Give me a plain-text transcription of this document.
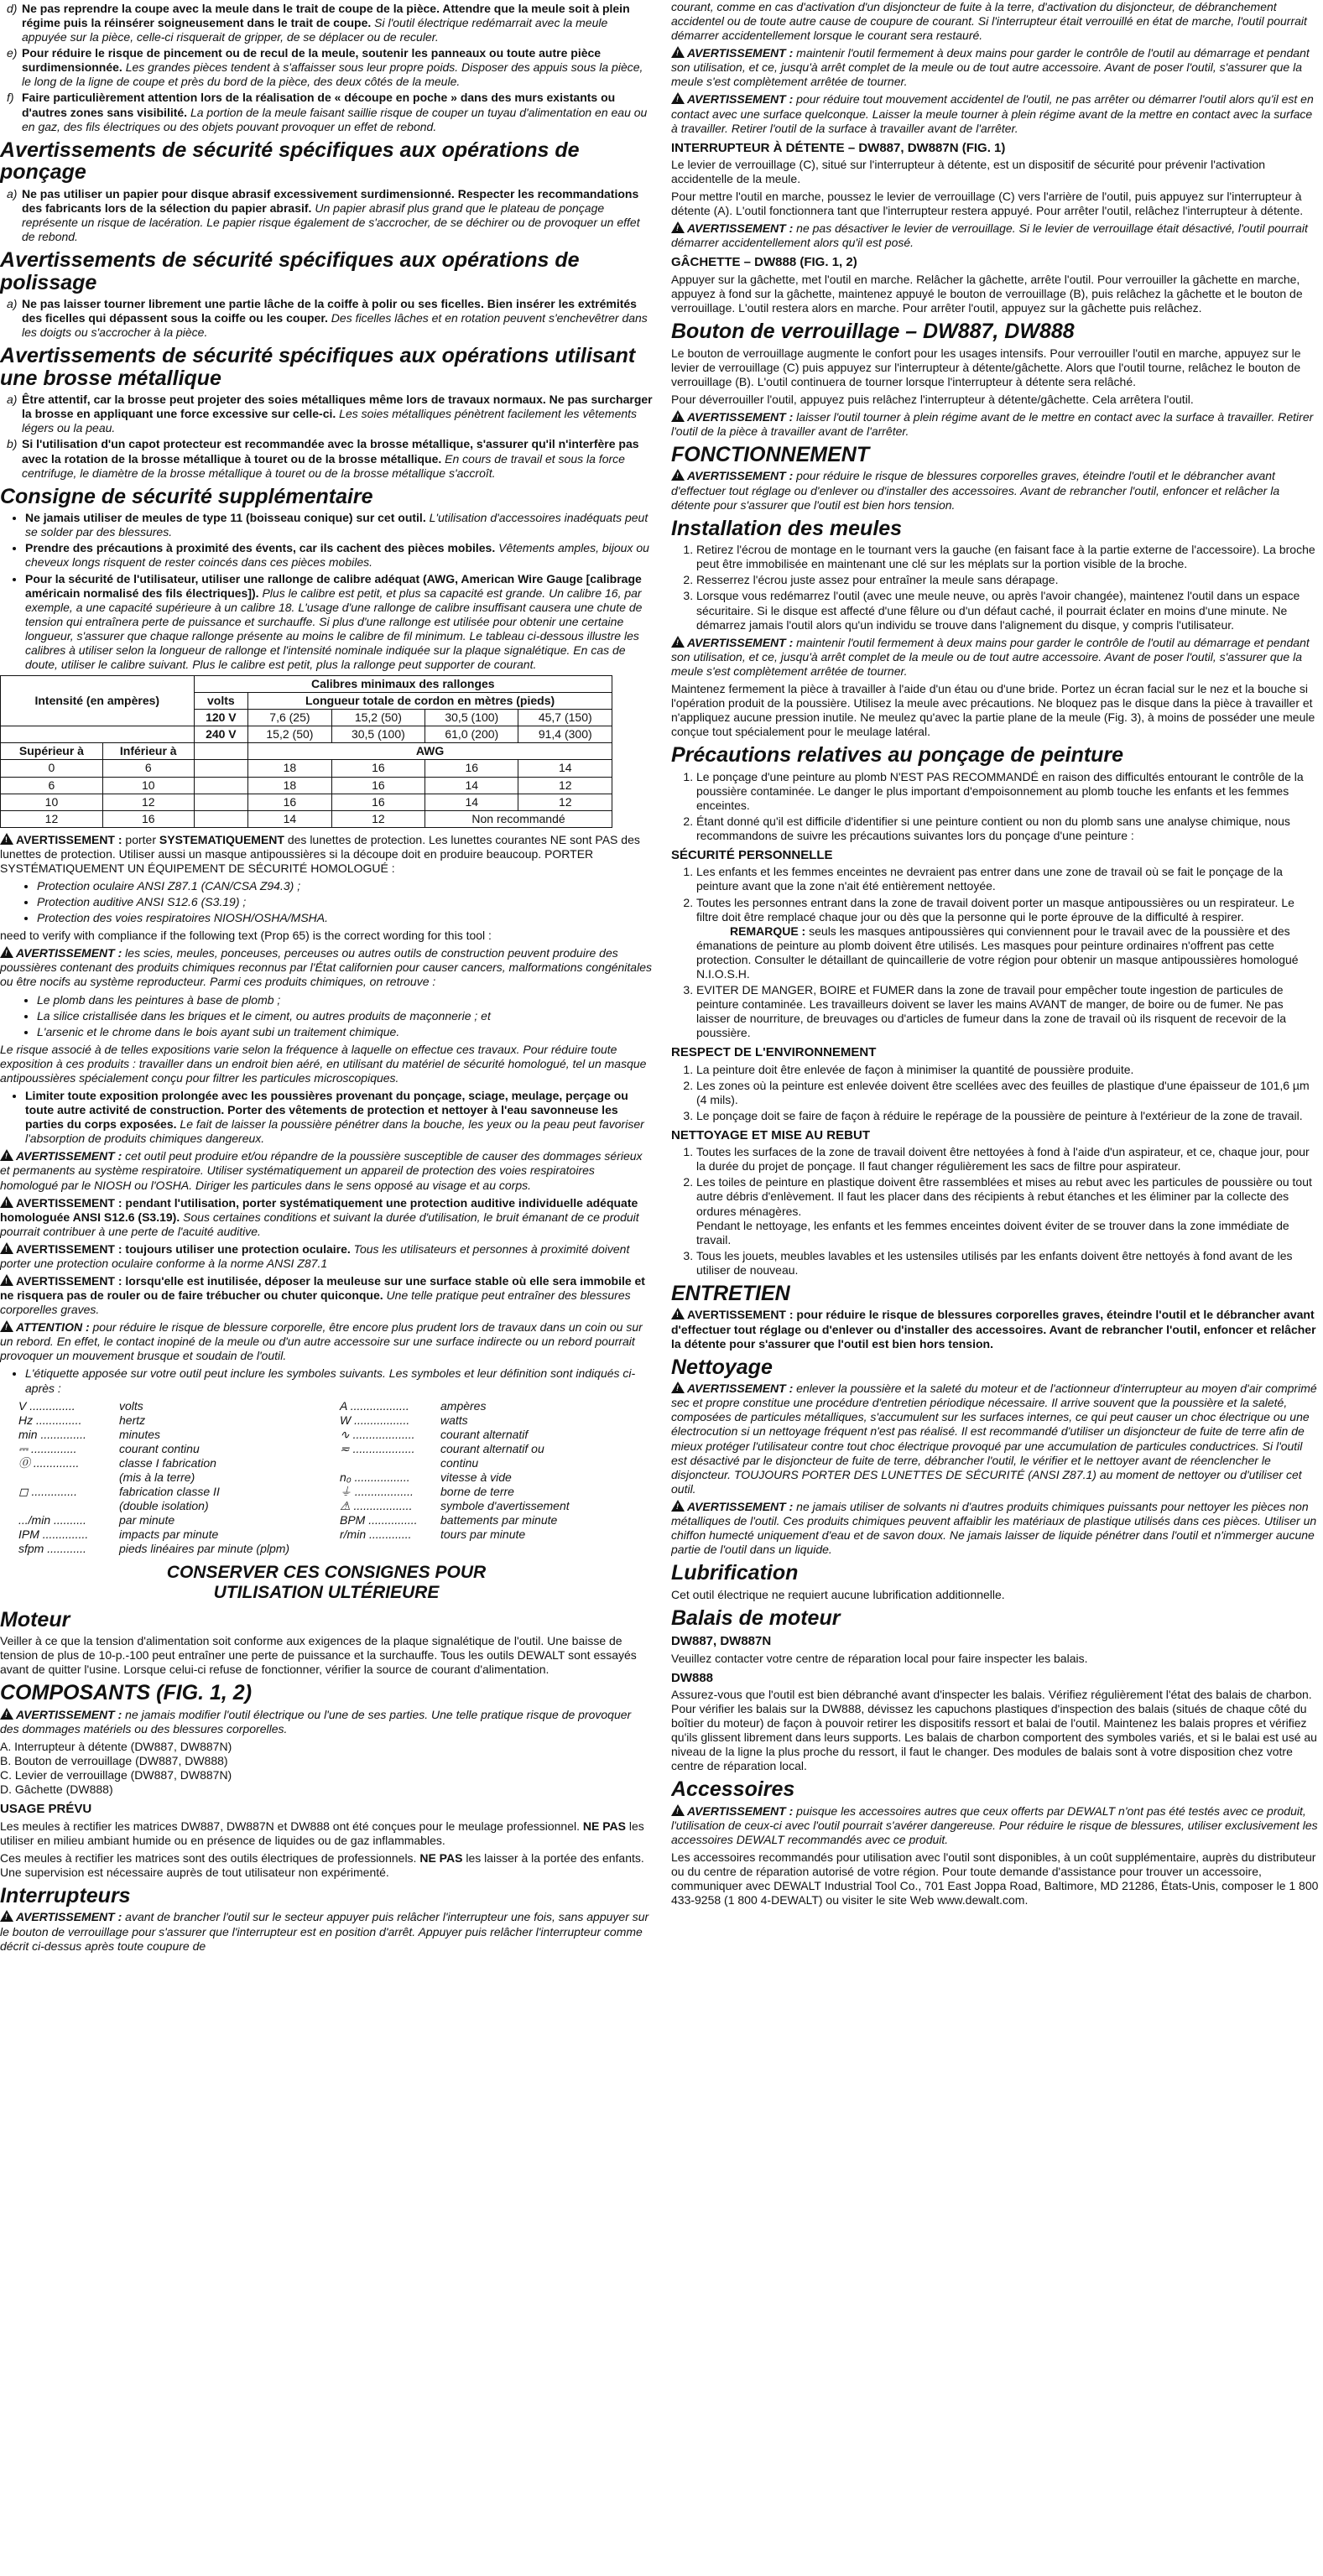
d) Ne pas reprendre la coupe avec la meule dans le trait de coupe de la pièce. Attendre que la meule soit à plein régime puis la réinsérer soigneusement dans le trait de coupe. Si l'outil électrique redémarrait avec la meule appuyée sur la pièce, celle-ci risquerait de gripper, de se déplacer ou de reculer.
e) Pour réduire le risque de pincement ou de recul de la meule, soutenir les panneaux ou toute autre pièce surdimensionnée. Les grandes pièces tendent à s'affaisser sous leur propre poids. Disposer des appuis sous la pièce, le long de la ligne de coupe et près du bord de la pièce, des deux côtés de la meule.
f) Faire particulièrement attention lors de la réalisation de « découpe en poche » dans des murs existants ou d'autres zones sans visibilité. La portion de la meule faisant saillie risque de couper un tuyau d'alimentation en eau ou en gaz, des fils électriques ou des objets pouvant provoquer un effet de rebond.
Avertissements de sécurité spécifiques aux opérations de ponçage
a) Ne pas utiliser un papier pour disque abrasif excessivement surdimensionné. Respecter les recommandations des fabricants lors de la sélection du papier abrasif. Un papier abrasif plus grand que le plateau de ponçage représente un risque de lacération. Le papier risque également de s'accrocher, de se déchirer ou de provoquer un effet de rebond.
Avertissements de sécurité spécifiques aux opérations de polissage
a) Ne pas laisser tourner librement une partie lâche de la coiffe à polir ou ses ficelles. Bien insérer les extrémités des ficelles qui dépassent sous la coiffe ou les couper. Des ficelles lâches et en rotation peuvent s'enchevêtrer dans les doigts ou s'accrocher à la pièce.
Avertissements de sécurité spécifiques aux opérations utilisant une brosse métallique
a) Être attentif, car la brosse peut projeter des soies métalliques même lors de travaux normaux. Ne pas surcharger la brosse en appliquant une force excessive sur celle-ci. Les soies métalliques pénètrent facilement les vêtements légers ou la peau.
b) Si l'utilisation d'un capot protecteur est recommandée avec la brosse métallique, s'assurer qu'il n'interfère pas avec la rotation de la brosse métallique à touret ou de la brosse métallique. En cours de travail et sous la force centrifuge, le diamètre de la brosse métallique à touret ou de la brosse métallique s'accroît.
Consigne de sécurité supplémentaire
• Ne jamais utiliser de meules de type 11 (boisseau conique) sur cet outil. L'utilisation d'accessoires inadéquats peut se solder par des blessures.
• Prendre des précautions à proximité des évents, car ils cachent des pièces mobiles. Vêtements amples, bijoux ou cheveux longs risquent de rester coincés dans ces pièces mobiles.
• Pour la sécurité de l'utilisateur, utiliser une rallonge de calibre adéquat (AWG, American Wire Gauge [calibrage américain normalisé des fils électriques]). Plus le calibre est petit, et plus sa capacité est grande. Un calibre 16, par exemple, a une capacité supérieure à un calibre 18. L'usage d'une rallonge de calibre insuffisant causera une chute de tension qui entraînera perte de puissance et surchauffe. Si plus d'une rallonge est utilisée pour obtenir une certaine longueur, s'assurer que chaque rallonge présente au moins le calibre de fil minimum. Le tableau ci-dessous illustre les calibres à utiliser selon la longueur de rallonge et l'intensité nominale indiquée sur la plaque signalétique. En cas de doute, utiliser le calibre suivant. Plus le calibre est petit, plus la rallonge peut supporter de courant.
Intensité (en ampères)		Calibres minimaux des rallonges				
		volts	Longueur totale de cordon en mètres (pieds)			
		120 V	7,6 (25)	15,2 (50)	30,5 (100)	45,7 (150)
		240 V	15,2 (50)	30,5 (100)	61,0 (200)	91,4 (300)
Supérieur à	Inférieur à		AWG			
0	6		18	16	16	14
6	10		18	16	14	12
10	12		16	16	14	12
12	16		14	12	Non recommandé	

!AVERTISSEMENT : porter SYSTEMATIQUEMENT des lunettes de protection. Les lunettes courantes NE sont PAS des lunettes de protection. Utiliser aussi un masque antipoussières si la découpe doit en produire beaucoup. PORTER SYSTÉMATIQUEMENT UN ÉQUIPEMENT DE SÉCURITÉ HOMOLOGUÉ :

• Protection oculaire ANSI Z87.1 (CAN/CSA Z94.3) ;
• Protection auditive ANSI S12.6 (S3.19) ;
• Protection des voies respiratoires NIOSH/OSHA/MSHA.

need to verify with compliance if the following text (Prop 65) is the correct wording for this tool :

!AVERTISSEMENT : les scies, meules, ponceuses, perceuses ou autres outils de construction peuvent produire des poussières contenant des produits chimiques reconnus par l'État californien pour causer cancers, malformations congénitales ou être nocifs au système reproducteur. Parmi ces produits chimiques, on retrouve :

• Le plomb dans les peintures à base de plomb ;
• La silice cristallisée dans les briques et le ciment, ou autres produits de maçonnerie ; et
• L'arsenic et le chrome dans le bois ayant subi un traitement chimique.

Le risque associé à de telles expositions varie selon la fréquence à laquelle on effectue ces travaux. Pour réduire toute exposition à ces produits : travailler dans un endroit bien aéré, en utilisant du matériel de sécurité homologué, tel un masque antipoussières spécialement conçu pour filtrer les particules microscopiques.

• Limiter toute exposition prolongée avec les poussières provenant du ponçage, sciage, meulage, perçage ou toute autre activité de construction. Porter des vêtements de protection et nettoyer à l'eau savonneuse les parties du corps exposées. Le fait de laisser la poussière pénétrer dans la bouche, les yeux ou la peau peut favoriser l'absorption de produits chimiques dangereux.

!AVERTISSEMENT : cet outil peut produire et/ou répandre de la poussière susceptible de causer des dommages sérieux et permanents au système respiratoire. Utiliser systématiquement un appareil de protection des voies respiratoires homologué par le NIOSH ou l'OSHA. Diriger les particules dans le sens opposé au visage et au corps.

!AVERTISSEMENT : pendant l'utilisation, porter systématiquement une protection auditive individuelle adéquate homologuée ANSI S12.6 (S3.19). Sous certaines conditions et suivant la durée d'utilisation, le bruit émanant de ce produit pourrait contribuer à une perte de l'acuité auditive.

!AVERTISSEMENT : toujours utiliser une protection oculaire. Tous les utilisateurs et personnes à proximité doivent porter une protection oculaire conforme à la norme ANSI Z87.1

!AVERTISSEMENT : lorsqu'elle est inutilisée, déposer la meuleuse sur une surface stable où elle sera immobile et ne risquera pas de rouler ou de faire trébucher ou chuter quiconque. Une telle pratique peut entraîner des blessures corporelles graves.

!ATTENTION : pour réduire le risque de blessure corporelle, être encore plus prudent lors de travaux dans un coin ou sur un rebord. En effet, le contact inopiné de la meule ou d'un autre accessoire sur une surface indirecte ou un rebord pourrait provoquer un mouvement brusque et soudain de l'outil.

• L'étiquette apposée sur votre outil peut inclure les symboles suivants. Les symboles et leur définition sont indiqués ci-après :
V ..............	volts
Hz ..............	hertz
min ..............	minutes
⎓ ..............	courant continu
⓪ ..............	classe I fabrication
(mis à la terre)
◻ ..............	fabrication classe II
(double isolation)
.../min ..........	par minute
IPM ..............	impacts par minute
sfpm ............	pieds linéaires par minute (plpm)
A ..................	ampères
W .................	watts
∿ ...................	courant alternatif
≂ ...................	courant alternatif ou
continu
n₀ .................	vitesse à vide
⏚ ..................	borne de terre
⚠ ..................	symbole d'avertissement
BPM ...............	battements par minute
r/min .............	tours par minute
CONSERVER CES CONSIGNES POUR
UTILISATION ULTÉRIEURE
Moteur

Veiller à ce que la tension d'alimentation soit conforme aux exigences de la plaque signalétique de l'outil. Une baisse de tension de plus de 10-p.-100 peut entraîner une perte de puissance et la surchauffe. Tous les outils DEWALT sont essayés avant de quitter l'usine. Lorsque celui-ci refuse de fonctionner, vérifier la source de courant d'alimentation.

COMPOSANTS (FIG. 1, 2)

!AVERTISSEMENT : ne jamais modifier l'outil électrique ou l'une de ses parties. Une telle pratique risque de provoquer des dommages matériels ou des blessures corporelles.

A. Interrupteur à détente (DW887, DW887N)
B. Bouton de verrouillage (DW887, DW888)
C. Levier de verrouillage (DW887, DW887N)
D. Gâchette (DW888)
USAGE PRÉVU

Les meules à rectifier les matrices DW887, DW887N et DW888 ont été conçues pour le meulage professionnel. NE PAS les utiliser en milieu ambiant humide ou en présence de liquides ou de gaz inflammables.

Ces meules à rectifier les matrices sont des outils électriques de professionnels. NE PAS les laisser à la portée des enfants. Une supervision est nécessaire auprès de tout utilisateur non expérimenté.

Interrupteurs

!AVERTISSEMENT : avant de brancher l'outil sur le secteur appuyer puis relâcher l'interrupteur une fois, sans appuyer sur le bouton de verrouillage pour s'assurer que l'interrupteur est en position d'arrêt. Appuyer puis relâcher l'interrupteur comme décrit ci-dessus après toute coupure de

courant, comme en cas d'activation d'un disjoncteur de fuite à la terre, d'activation du disjoncteur, de débranchement accidentel ou de toute autre cause de coupure de courant. Si l'interrupteur était verrouillé en état de marche, l'outil pourrait démarrer accidentellement lorsque le courant sera restauré.

!AVERTISSEMENT : maintenir l'outil fermement à deux mains pour garder le contrôle de l'outil au démarrage et pendant son utilisation, et ce, jusqu'à arrêt complet de la meule ou de tout autre accessoire. Avant de poser l'outil, s'assurer que la meule s'est complètement arrêtée de tourner.

!AVERTISSEMENT : pour réduire tout mouvement accidentel de l'outil, ne pas arrêter ou démarrer l'outil alors qu'il est en contact avec une surface quelconque. Laisser la meule tourner à plein régime avant de la mettre en contact avec la surface à travailler. Retirer l'outil de la surface à travailler avant de l'arrêter.

INTERRUPTEUR À DÉTENTE – DW887, DW887N (FIG. 1)

Le levier de verrouillage (C), situé sur l'interrupteur à détente, est un dispositif de sécurité pour prévenir l'activation accidentelle de la meule.

Pour mettre l'outil en marche, poussez le levier de verrouillage (C) vers l'arrière de l'outil, puis appuyez sur l'interrupteur à détente (A). L'outil fonctionnera tant que l'interrupteur restera appuyé. Pour arrêter l'outil, relâchez l'interrupteur à détente.

!AVERTISSEMENT : ne pas désactiver le levier de verrouillage. Si le levier de verrouillage était désactivé, l'outil pourrait démarrer accidentellement alors qu'il est posé.

GÂCHETTE – DW888 (FIG. 1, 2)

Appuyer sur la gâchette, met l'outil en marche. Relâcher la gâchette, arrête l'outil. Pour verrouiller la gâchette en marche, appuyez à fond sur la gâchette, maintenez appuyé le bouton de verrouillage (B), puis relâchez la gâchette et le bouton de verrouillage. L'outil restera alors en marche. Pour arrêter l'outil, appuyez sur la gâchette puis relâchez.

Bouton de verrouillage – DW887, DW888

Le bouton de verrouillage augmente le confort pour les usages intensifs. Pour verrouiller l'outil en marche, appuyez sur le levier de verrouillage (C) puis appuyez sur l'interrupteur à détente/gâchette. Alors que l'outil tourne, relâchez le bouton de verrouillage (B). L'outil continuera de tourner lorsque l'interrupteur à détente sera relâché.

Pour déverrouiller l'outil, appuyez puis relâchez l'interrupteur à détente/gâchette. Cela arrêtera l'outil.

!AVERTISSEMENT : laisser l'outil tourner à plein régime avant de le mettre en contact avec la surface à travailler. Retirer l'outil de la pièce à travailler avant de l'arrêter.

FONCTIONNEMENT

!AVERTISSEMENT : pour réduire le risque de blessures corporelles graves, éteindre l'outil et le débrancher avant d'effectuer tout réglage ou d'enlever ou d'installer des accessoires. Avant de rebrancher l'outil, enfoncer et relâcher la détente pour s'assurer que l'outil est bien hors tension.

Installation des meules
1. Retirez l'écrou de montage en le tournant vers la gauche (en faisant face à la partie externe de l'accessoire). La broche peut être immobilisée en maintenant une clé sur les méplats sur la portion visible de la broche.
2. Resserrez l'écrou juste assez pour entraîner la meule sans dérapage.
3. Lorsque vous redémarrez l'outil (avec une meule neuve, ou après l'avoir changée), maintenez l'outil dans un espace sécuritaire. Si le disque est affecté d'une fêlure ou d'un défaut caché, il pourrait éclater en moins d'une minute. Ne démarrez jamais l'outil alors qu'un individu se trouve dans l'alignement du disque, y compris l'utilisateur.

!AVERTISSEMENT : maintenir l'outil fermement à deux mains pour garder le contrôle de l'outil au démarrage et pendant son utilisation, et ce, jusqu'à arrêt complet de la meule ou de tout autre accessoire. Avant de poser l'outil, s'assurer que la meule s'est complètement arrêtée de tourner.

Maintenez fermement la pièce à travailler à l'aide d'un étau ou d'une bride. Portez un écran facial sur le nez et la bouche si l'opération produit de la poussière. Utilisez la meule avec précautions. Ne bloquez pas le disque dans la pièce à travailler et n'appliquez aucune pression inutile. Ne meulez qu'avec la partie plane de la meule (Fig. 3), à moins de posséder une meule conçue tout spécialement pour le meulage latéral.

Précautions relatives au ponçage de peinture
1. Le ponçage d'une peinture au plomb N'EST PAS RECOMMANDÉ en raison des difficultés entourant le contrôle de la poussière contaminée. Le danger le plus important d'empoisonnement au plomb touche les enfants et les femmes enceintes.
2. Étant donné qu'il est difficile d'identifier si une peinture contient ou non du plomb sans une analyse chimique, nous recommandons de suivre les précautions suivantes lors du ponçage d'une peinture :
SÉCURITÉ PERSONNELLE
1. Les enfants et les femmes enceintes ne devraient pas entrer dans une zone de travail où se fait le ponçage de la peinture avant que la zone n'ait été entièrement nettoyée.
2. Toutes les personnes entrant dans la zone de travail doivent porter un masque antipoussières ou un respirateur. Le filtre doit être remplacé chaque jour ou dès que la personne qui le porte éprouve de la difficulté à respirer.
REMARQUE : seuls les masques antipoussières qui conviennent pour le travail avec de la poussière et des émanations de peinture au plomb doivent être utilisés. Les masques pour peinture ordinaires n'offrent pas cette protection. Consulter le détaillant de quincaillerie de votre région pour obtenir un masque antipoussières homologué N.I.O.S.H.
3. EVITER DE MANGER, BOIRE et FUMER dans la zone de travail pour empêcher toute ingestion de particules de peinture contaminée. Les travailleurs doivent se laver les mains AVANT de manger, de boire ou de fumer. Ne pas laisser de nourriture, de breuvages ou d'articles de fumeur dans la zone de travail où ils risquent de recevoir de la poussière.
RESPECT DE L'ENVIRONNEMENT
1. La peinture doit être enlevée de façon à minimiser la quantité de poussière produite.
2. Les zones où la peinture est enlevée doivent être scellées avec des feuilles de plastique d'une épaisseur de 101,6 µm (4 mils).
3. Le ponçage doit se faire de façon à réduire le repérage de la poussière de peinture à l'extérieur de la zone de travail.
NETTOYAGE ET MISE AU REBUT
1. Toutes les surfaces de la zone de travail doivent être nettoyées à fond à l'aide d'un aspirateur, et ce, chaque jour, pour la durée du projet de ponçage. Il faut changer régulièrement les sacs de filtre pour aspirateur.
2. Les toiles de peinture en plastique doivent être rassemblées et mises au rebut avec les particules de poussière ou tout autre débris d'enlèvement. Il faut les placer dans des récipients à rebut étanches et les éliminer par la collecte des ordures ménagères.
Pendant le nettoyage, les enfants et les femmes enceintes doivent éviter de se trouver dans la zone immédiate de travail.
3. Tous les jouets, meubles lavables et les ustensiles utilisés par les enfants doivent être nettoyés à fond avant de les utiliser de nouveau.
ENTRETIEN

!AVERTISSEMENT : pour réduire le risque de blessures corporelles graves, éteindre l'outil et le débrancher avant d'effectuer tout réglage ou d'enlever ou d'installer des accessoires. Avant de rebrancher l'outil, enfoncer et relâcher la détente pour s'assurer que l'outil est bien hors tension.

Nettoyage

!AVERTISSEMENT : enlever la poussière et la saleté du moteur et de l'actionneur d'interrupteur au moyen d'air comprimé sec et propre constitue une procédure d'entretien périodique nécessaire. Il arrive souvent que la poussière et la saleté, composées de particules métalliques, s'accumulent sur les surfaces internes, ce qui peut causer un choc électrique ou une électrocution si un nettoyage fréquent n'est pas réalisé. Il est recommandé d'utiliser un disjoncteur de fuite de terre afin de mieux protéger l'utilisateur contre tout choc électrique provoqué par une accumulation de particules conductrices. Si l'outil est désactivé par le disjoncteur de fuite de terre, débrancher l'outil, le vérifier et le nettoyer avant de réenclencher le disjoncteur. TOUJOURS PORTER DES LUNETTES DE SÉCURITÉ (ANSI Z87.1) au moment de nettoyer ou d'utiliser cet outil.

!AVERTISSEMENT : ne jamais utiliser de solvants ni d'autres produits chimiques puissants pour nettoyer les pièces non métalliques de l'outil. Ces produits chimiques peuvent affaiblir les matériaux de plastique utilisés dans ces pièces. Utiliser un chiffon humecté uniquement d'eau et de savon doux. Ne jamais laisser de liquide pénétrer dans l'outil et n'immerger aucune partie de l'outil dans un liquide.

Lubrification

Cet outil électrique ne requiert aucune lubrification additionnelle.

Balais de moteur
DW887, DW887N

Veuillez contacter votre centre de réparation local pour faire inspecter les balais.

DW888

Assurez-vous que l'outil est bien débranché avant d'inspecter les balais. Vérifiez régulièrement l'état des balais de charbon. Pour vérifier les balais sur la DW888, dévissez les capuchons plastiques d'inspection des balais (situés de chaque côté du boîtier du moteur) de façon à pouvoir retirer les dispositifs ressort et balai de l'outil. Maintenez les balais propres et vérifiez qu'ils glissent librement dans leurs supports. Les balais de charbon comportent des symboles variés, et si le balai est usé au niveau de la ligne la plus proche du ressort, il faut le changer. Des modules de balais sont à votre disposition chez votre centre de réparation local.

Accessoires

!AVERTISSEMENT : puisque les accessoires autres que ceux offerts par DEWALT n'ont pas été testés avec ce produit, l'utilisation de ceux-ci avec l'outil pourrait s'avérer dangereuse. Pour réduire le risque de blessures, utiliser exclusivement les accessoires DEWALT recommandés avec ce produit.

Les accessoires recommandés pour utilisation avec l'outil sont disponibles, à un coût supplémentaire, auprès du distributeur ou du centre de réparation autorisé de votre région. Pour toute demande d'assistance pour trouver un accessoire, communiquer avec DEWALT Industrial Tool Co., 701 East Joppa Road, Baltimore, MD 21286, États-Unis, composer le 1 800 433-9258 (1 800 4-DEWALT) ou visiter le site Web www.dewalt.com.
